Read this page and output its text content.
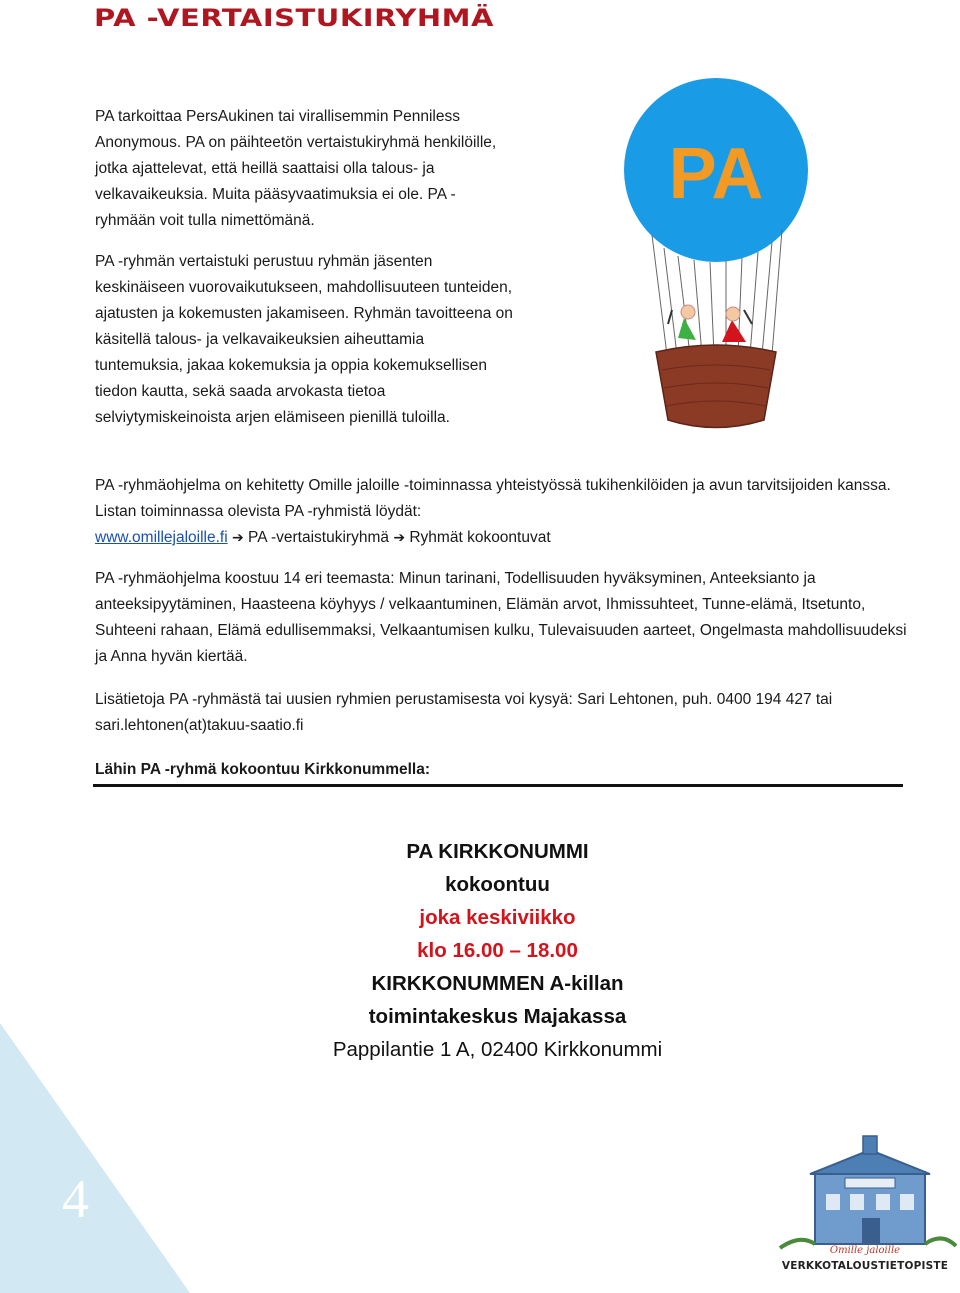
4
PA -VERTAISTUKIRYHMÄ

PA tarkoittaa PersAukinen tai virallisemmin Penniless Anonymous. PA on päihteetön vertaistukiryhmä henkilöille, jotka ajattelevat, että heillä saattaisi olla talous- ja velkavaikeuksia. Muita pääsyvaatimuksia ei ole. PA -ryhmään voit tulla nimettömänä.

PA -ryhmän vertaistuki perustuu ryhmän jäsenten keskinäiseen vuorovaikutukseen, mahdollisuuteen tunteiden, ajatusten ja kokemusten jakamiseen. Ryhmän tavoitteena on käsitellä talous- ja velkavaikeuksien aiheuttamia tuntemuksia, jakaa kokemuksia ja oppia kokemuksellisen tiedon kautta, sekä saada arvokasta tietoa selviytymiskeinoista arjen elämiseen pienillä tuloilla.

PA -ryhmäohjelma on kehitetty Omille jaloille -toiminnassa yhteistyössä tukihenkilöiden ja avun tarvitsijoiden kanssa. Listan toiminnassa olevista PA -ryhmistä löydät:
www.omillejaloille.fi ➔ PA -vertaistukiryhmä ➔ Ryhmät kokoontuvat

PA -ryhmäohjelma koostuu 14 eri teemasta: Minun tarinani, Todellisuuden hyväksyminen, Anteeksianto ja anteeksipyytäminen, Haasteena köyhyys / velkaantuminen, Elämän arvot, Ihmissuhteet, Tunne-elämä, Itsetunto, Suhteeni rahaan, Elämä edullisemmaksi, Velkaantumisen kulku, Tulevaisuuden aarteet, Ongelmasta mahdollisuudeksi ja Anna hyvän kiertää.

Lisätietoja PA -ryhmästä tai uusien ryhmien perustamisesta voi kysyä: Sari Lehtonen, puh. 0400 194 427 tai sari.lehtonen(at)takuu-saatio.fi

Lähin PA -ryhmä kokoontuu Kirkkonummella:

PA KIRKKONUMMI
kokoontuu
joka keskiviikko
klo 16.00 – 18.00
KIRKKONUMMEN A-killan
toimintakeskus Majakassa
Pappilantie 1 A, 02400 Kirkkonummi
PA
Omille jaloille
VERKKOTALOUSTIETOPISTE
